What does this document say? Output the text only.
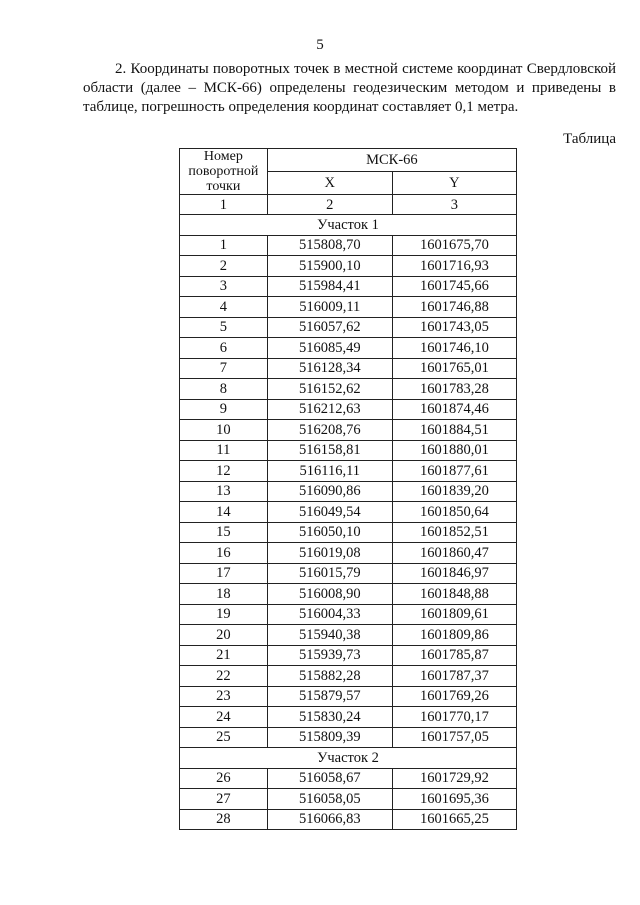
5

2. Координаты поворотных точек в местной системе координат Свердловской области (далее – МСК-66) определены геодезическим методом и приведены в таблице, погрешность определения координат составляет 0,1 метра.

Таблица
Номер поворотной точки	МСК-66	
	X	Y
1	2	3
Участок 1		
1	515808,70	1601675,70
2	515900,10	1601716,93
3	515984,41	1601745,66
4	516009,11	1601746,88
5	516057,62	1601743,05
6	516085,49	1601746,10
7	516128,34	1601765,01
8	516152,62	1601783,28
9	516212,63	1601874,46
10	516208,76	1601884,51
11	516158,81	1601880,01
12	516116,11	1601877,61
13	516090,86	1601839,20
14	516049,54	1601850,64
15	516050,10	1601852,51
16	516019,08	1601860,47
17	516015,79	1601846,97
18	516008,90	1601848,88
19	516004,33	1601809,61
20	515940,38	1601809,86
21	515939,73	1601785,87
22	515882,28	1601787,37
23	515879,57	1601769,26
24	515830,24	1601770,17
25	515809,39	1601757,05
Участок 2		
26	516058,67	1601729,92
27	516058,05	1601695,36
28	516066,83	1601665,25
